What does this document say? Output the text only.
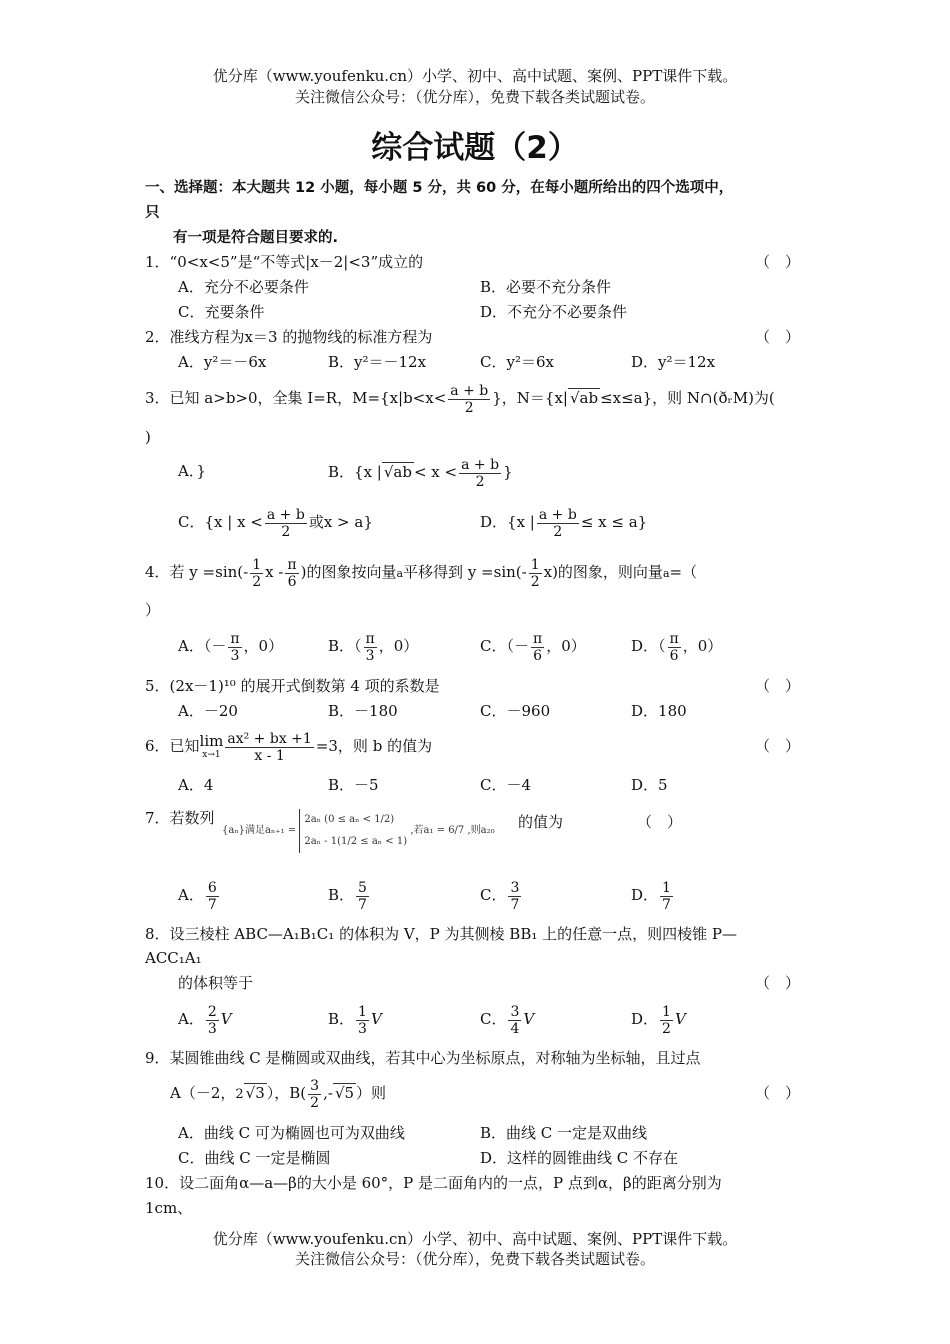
优分库（www.youfenku.cn）小学、初中、高中试题、案例、PPT课件下载。
关注微信公众号：（优分库），免费下载各类试题试卷。
综合试题（2）
一、选择题：本大题共 12 小题，每小题 5 分，共 60 分，在每小题所给出的四个选项中，
只
有一项是符合题目要求的.
1．“0<x<5”是“不等式|x－2|<3”成立的	（　）
A．充分不必要条件	B．必要不充分条件
C．充要条件	D．不充分不必要条件
2．准线方程为x＝3 的抛物线的标准方程为	（　）
A．y²＝－6x	B．y²＝－12x	C．y²＝6x	D．y²＝12x
3．已知 a>b>0，全集 I=R，$M=\{x|b<x< \frac{a + b}{2}$ }，N＝{x| √ab ≤x≤a}，则 N∩(ðᵣM)为(
)
A．}	B．{x | $√ab < x < \frac{a + b}{2}$ }
C．{x | $x < \frac{a + b}{2}$ 或x > a}	D．{x | $\frac{a + b}{2} \le x \le a$}
4．若 $y =\sin(- \frac{1}{2}$ x - $\frac{\pi}{6}$ )的图象按向量a平移得到 $y =\sin(- \frac{1}{2} x)$的图象，则向量a=（
）
A．（－ $\frac{\pi}{3}$ ，0）	B．（ $\frac{\pi}{3}$ ，0）	C．（－ $\frac{\pi}{6}$ ，0）	D．（ $\frac{\pi}{6}$ ，0）
5．(2x－1)¹⁰ 的展开式倒数第 4 项的系数是	（　）
A．－20	B．－180	C．－960	D．180
6．已知 lim
$x\to 1 \frac{\text{ax² + bx +1}}{x - 1} =3$，则 b 的值为	（　）
A．4	B．－5	C．－4	D．5
7．若数列
{aₙ}满足aₙ₊₁ =
2aₙ (0 ≤ aₙ < 1/2)
2aₙ - 1(1/2 ≤ aₙ < 1)
,若a₁ = 6/7 ,则a₂₀ 的值为	（　）
A． $\frac{6}{7}$	B． $\frac{5}{7}$	C． $\frac{3}{7}$	D． $\frac{1}{7}$
8．设三棱柱 ABC—A₁B₁C₁ 的体积为 V，P 为其侧棱 BB₁ 上的任意一点，则四棱锥 P—
ACC₁A₁
的体积等于	（　）
A． $\frac{2}{3}$ V	B． $\frac{1}{3}$ V	C． $\frac{3}{4}$ V	D． $\frac{1}{2}$ V
9．某圆锥曲线 C 是椭圆或双曲线，若其中心为坐标原点，对称轴为坐标轴，且过点
A（－2，2 √3 ），$B( \frac{3}{2}$ ,- √5 ）则	（　）
A．曲线 C 可为椭圆也可为双曲线	B．曲线 C 一定是双曲线
C．曲线 C 一定是椭圆	D．这样的圆锥曲线 C 不存在
10．设二面角α—a—β的大小是 60°，P 是二面角内的一点，P 点到α，β的距离分别为
1cm、
优分库（www.youfenku.cn）小学、初中、高中试题、案例、PPT课件下载。
关注微信公众号：（优分库），免费下载各类试题试卷。
